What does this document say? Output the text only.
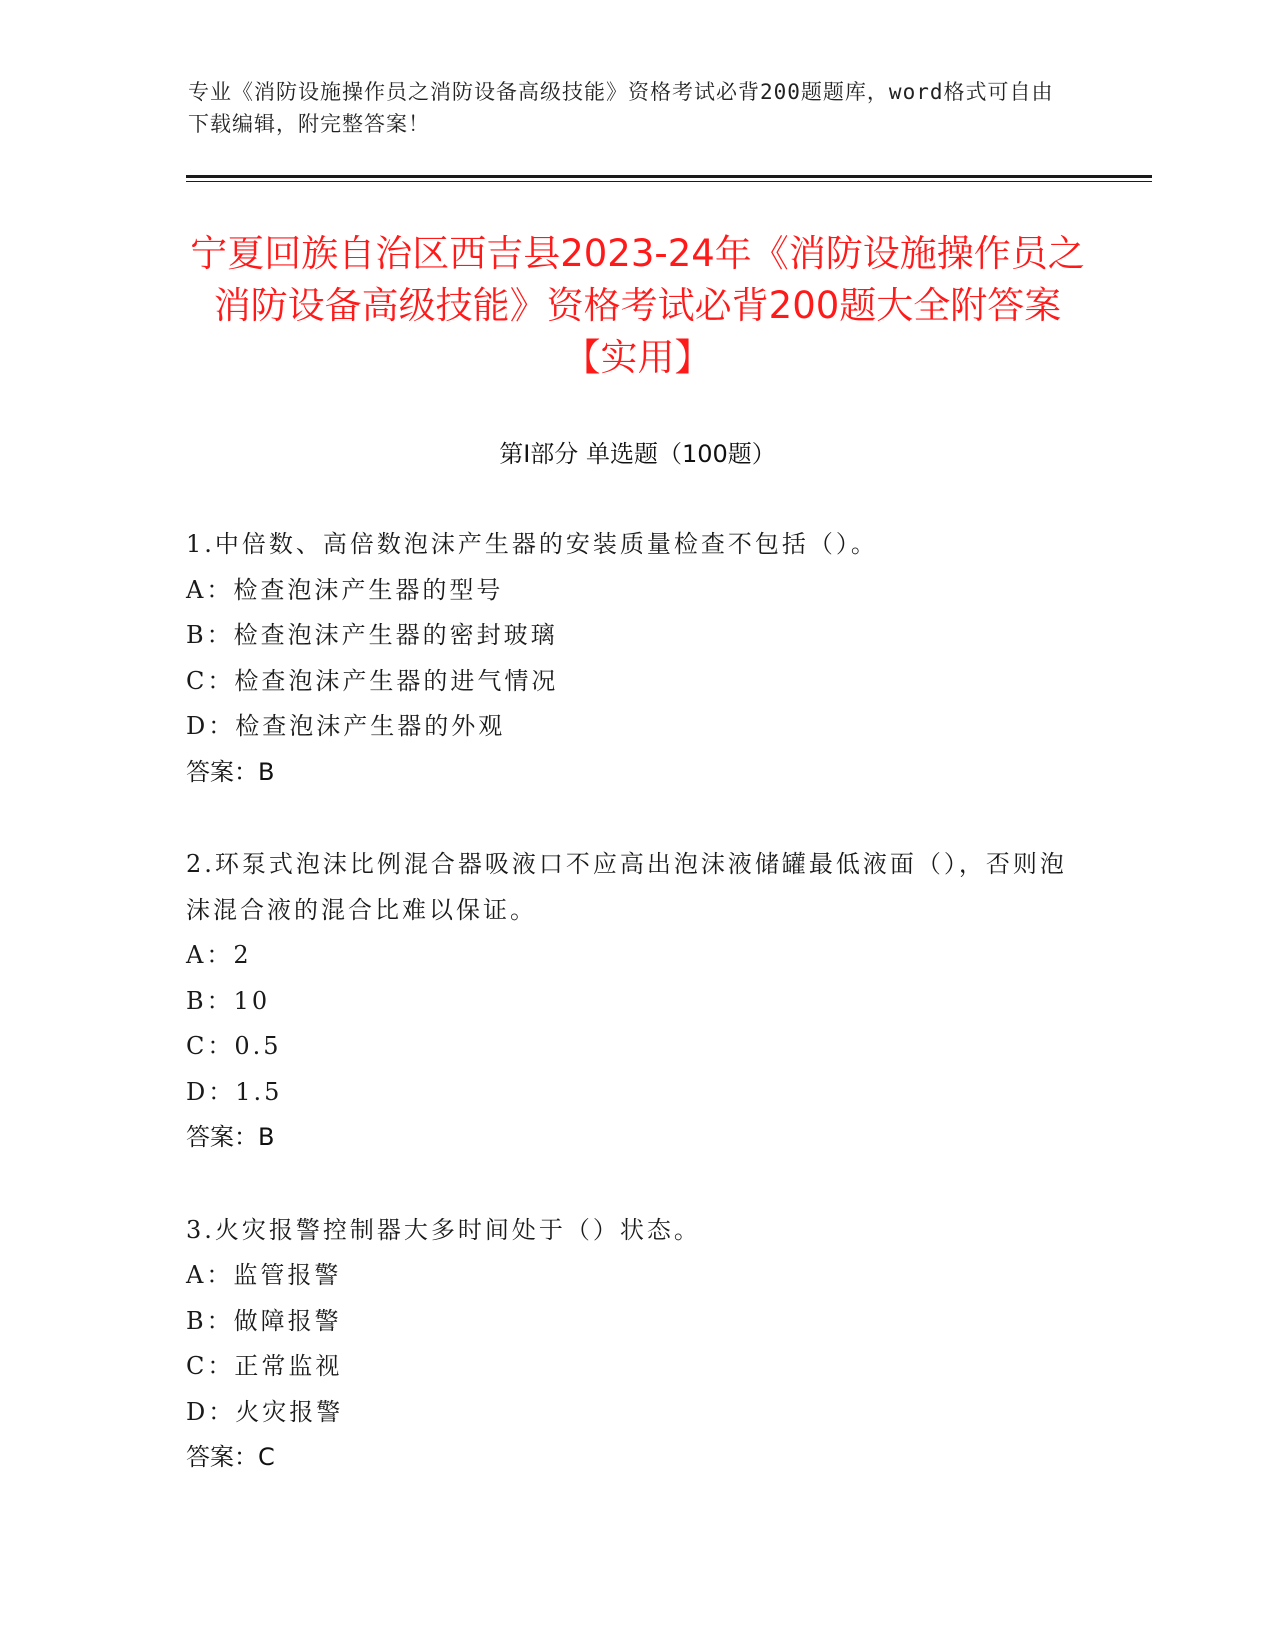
专业《消防设施操作员之消防设备高级技能》资格考试必背200题题库，word格式可自由下载编辑，附完整答案！
宁夏回族自治区西吉县2023-24年《消防设施操作员之消防设备高级技能》资格考试必背200题大全附答案【实用】
第I部分 单选题（100题）

1.中倍数、高倍数泡沫产生器的安装质量检查不包括（）。

A：检查泡沫产生器的型号

B：检查泡沫产生器的密封玻璃

C：检查泡沫产生器的进气情况

D：检查泡沫产生器的外观

答案：B

2.环泵式泡沫比例混合器吸液口不应高出泡沫液储罐最低液面（），否则泡沫混合液的混合比难以保证。

A：2

B：10

C：0.5

D：1.5

答案：B

3.火灾报警控制器大多时间处于（）状态。

A：监管报警

B：做障报警

C：正常监视

D：火灾报警

答案：C
